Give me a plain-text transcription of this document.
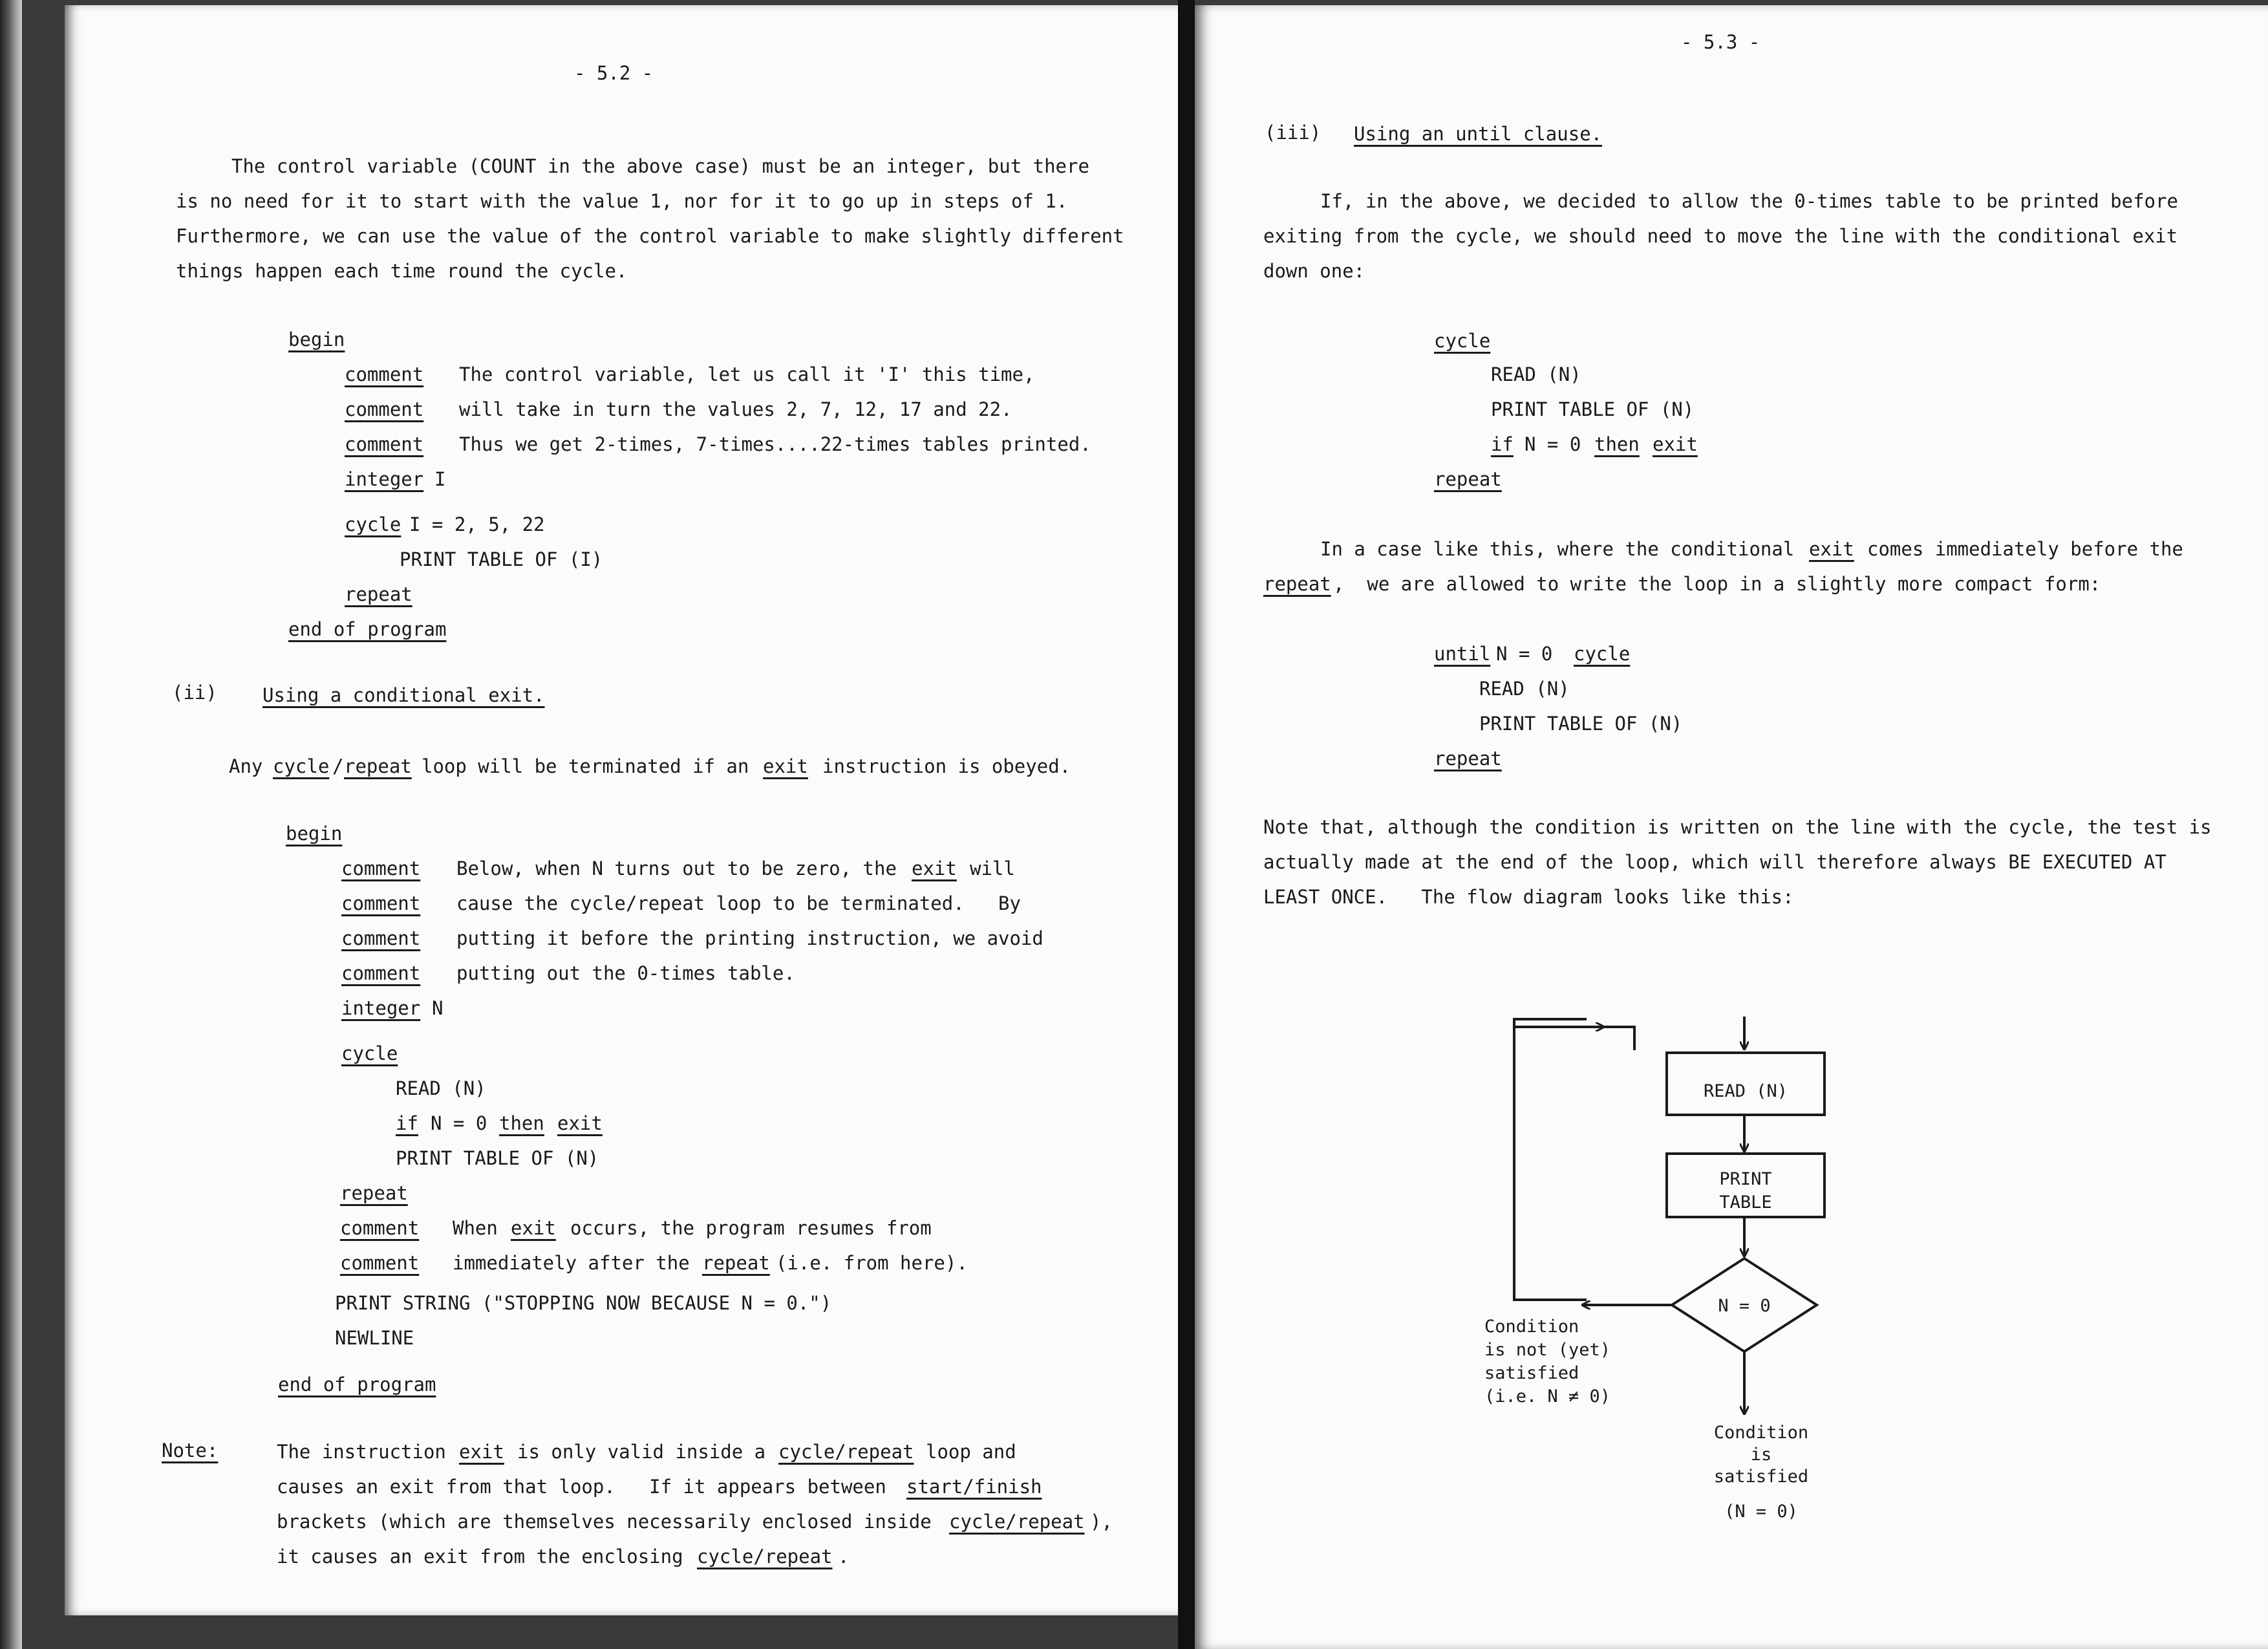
- 5.2 -
The control variable (COUNT in the above case) must be an integer, but there
is no need for it to start with the value 1, nor for it to go up in steps of 1.
Furthermore, we can use the value of the control variable to make slightly different
things happen each time round the cycle.
begin
comment The control variable, let us call it 'I' this time,
comment will take in turn the values 2, 7, 12, 17 and 22.
comment Thus we get 2-times, 7-times....22-times tables printed.
integer I
cycle I = 2, 5, 22
PRINT TABLE OF (I)
repeat
end of program
(ii) Using a conditional exit.
Any cycle / repeat loop will be terminated if an exit instruction is obeyed.
begin
comment Below, when N turns out to be zero, the exit will
comment cause the cycle/repeat loop to be terminated.   By
comment putting it before the printing instruction, we avoid
comment putting out the 0-times table.
integer N
cycle
READ (N)
if N = 0 then exit
PRINT TABLE OF (N)
repeat
comment When exit occurs, the program resumes from
comment immediately after the repeat (i.e. from here).
PRINT STRING ("STOPPING NOW BECAUSE N = 0.")
NEWLINE
end of program
Note:	The instruction exit is only valid inside a cycle/repeat loop and
causes an exit from that loop.   If it appears between start/finish
brackets (which are themselves necessarily enclosed inside cycle/repeat ),
it causes an exit from the enclosing cycle/repeat .
- 5.3 -
(iii) Using an until clause.
If, in the above, we decided to allow the 0-times table to be printed before
exiting from the cycle, we should need to move the line with the conditional exit
down one:
cycle
READ (N)
PRINT TABLE OF (N)
if N = 0 then exit
repeat
In a case like this, where the conditional exit comes immediately before the
repeat ,  we are allowed to write the loop in a slightly more compact form:
until N = 0 cycle
READ (N)
PRINT TABLE OF (N)
repeat
Note that, although the condition is written on the line with the cycle, the test is
actually made at the end of the loop, which will therefore always BE EXECUTED AT
LEAST ONCE.   The flow diagram looks like this:
READ (N)
PRINT
TABLE
N = 0
Condition
is not (yet)
satisfied
(i.e. N ≠ 0)
Condition
is
satisfied
(N = 0)
